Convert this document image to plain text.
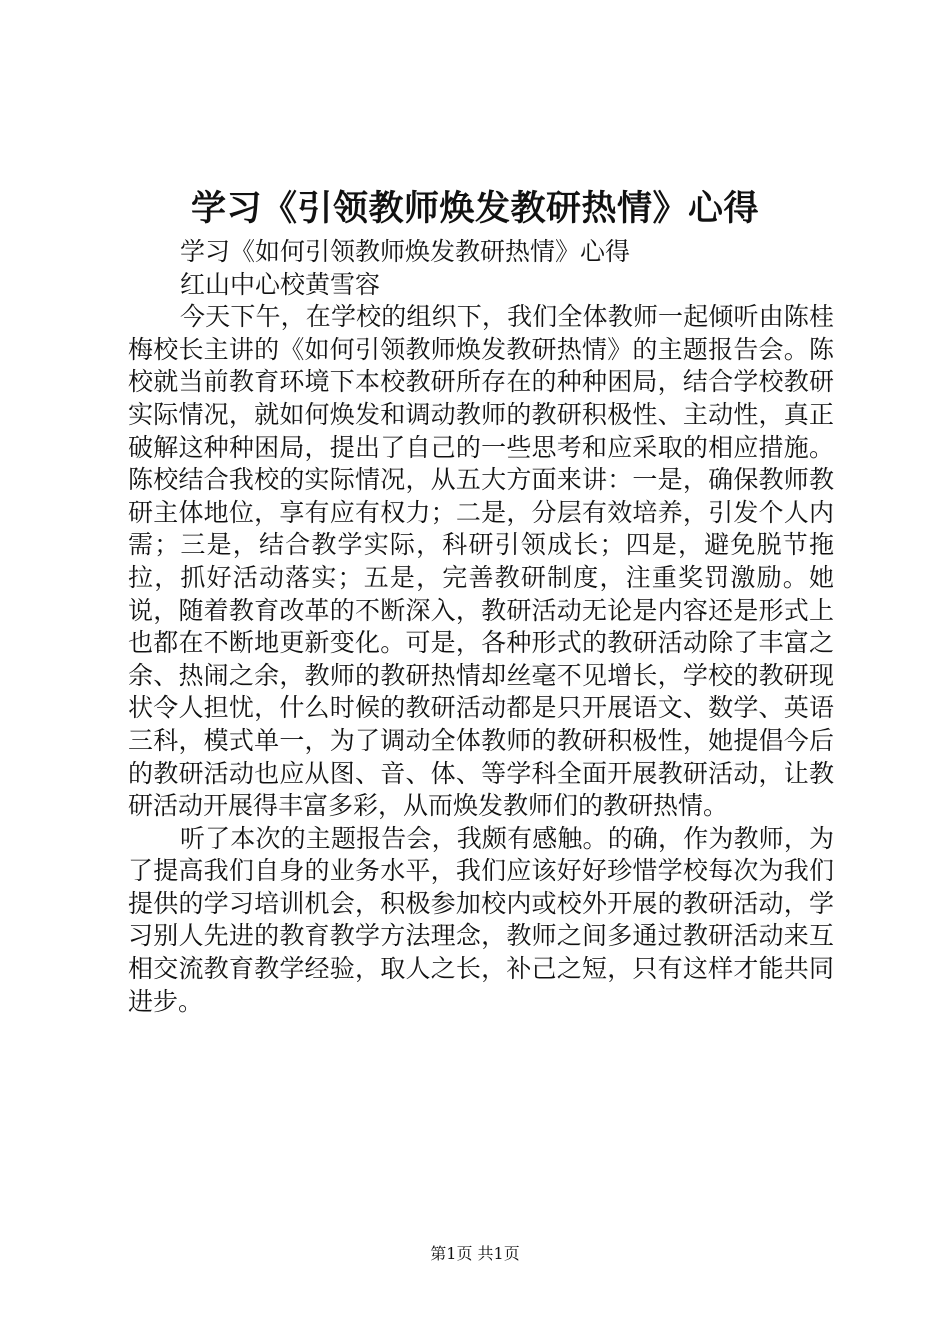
学习《引领教师焕发教研热情》心得

学习《如何引领教师焕发教研热情》心得

红山中心校黄雪容

今天下午，在学校的组织下，我们全体教师一起倾听由陈桂梅校长主讲的《如何引领教师焕发教研热情》的主题报告会。陈校就当前教育环境下本校教研所存在的种种困局，结合学校教研实际情况，就如何焕发和调动教师的教研积极性、主动性，真正破解这种种困局，提出了自己的一些思考和应采取的相应措施。陈校结合我校的实际情况，从五大方面来讲：一是，确保教师教研主体地位，享有应有权力；二是，分层有效培养，引发个人内需；三是，结合教学实际，科研引领成长；四是，避免脱节拖拉，抓好活动落实；五是，完善教研制度，注重奖罚激励。她说，随着教育改革的不断深入，教研活动无论是内容还是形式上也都在不断地更新变化。可是，各种形式的教研活动除了丰富之余、热闹之余，教师的教研热情却丝毫不见增长，学校的教研现状令人担忧，什么时候的教研活动都是只开展语文、数学、英语三科，模式单一，为了调动全体教师的教研积极性，她提倡今后的教研活动也应从图、音、体、等学科全面开展教研活动，让教研活动开展得丰富多彩，从而焕发教师们的教研热情。

听了本次的主题报告会，我颇有感触。的确，作为教师，为了提高我们自身的业务水平，我们应该好好珍惜学校每次为我们提供的学习培训机会，积极参加校内或校外开展的教研活动，学习别人先进的教育教学方法理念，教师之间多通过教研活动来互相交流教育教学经验，取人之长，补己之短，只有这样才能共同进步。

第1页 共1页
